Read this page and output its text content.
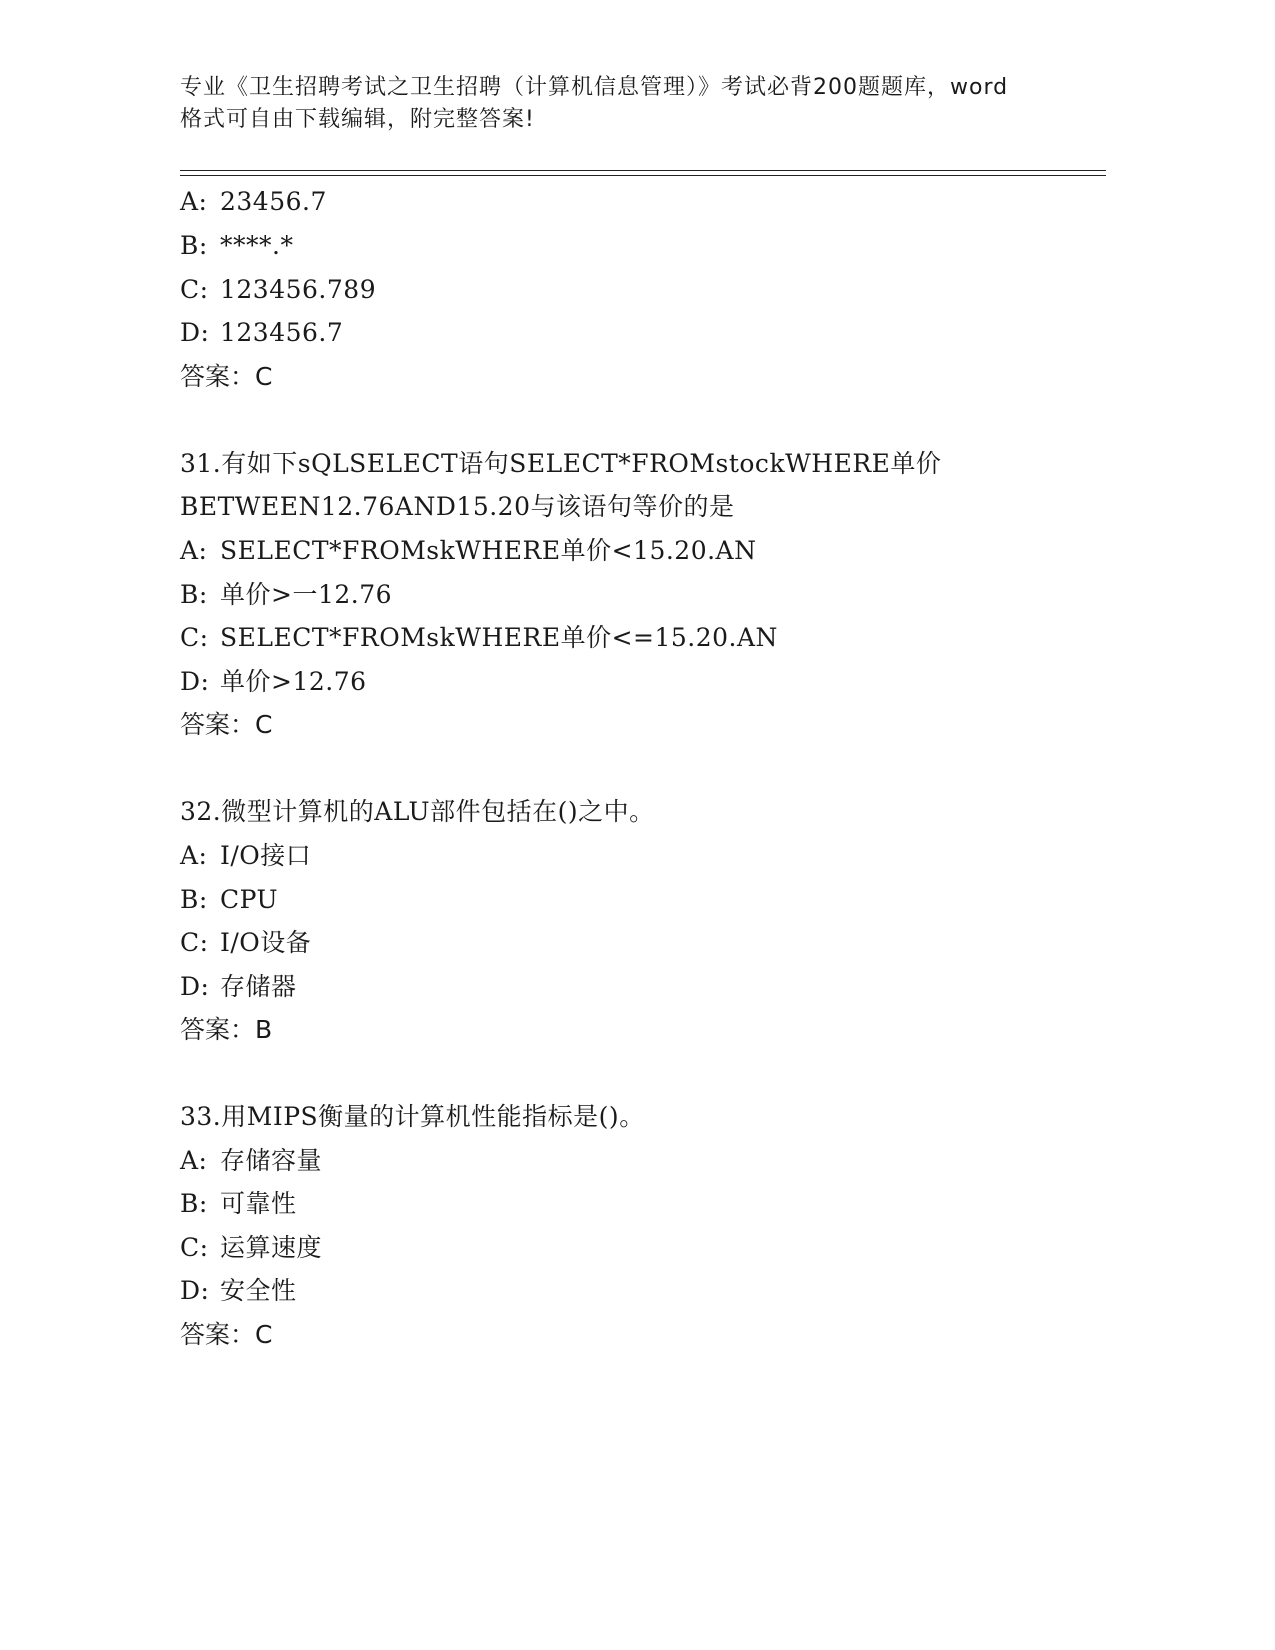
专业《卫生招聘考试之卫生招聘（计算机信息管理）》考试必背200题题库，word
格式可自由下载编辑，附完整答案!
A: 23456.7
B: ****.*
C: 123456.789
D: 123456.7
答案：C
31.有如下sQLSELECT语句SELECT*FROMstockWHERE单价
BETWEEN12.76AND15.20与该语句等价的是
A: SELECT*FROMskWHERE单价<15.20.AN
B: 单价>一12.76
C: SELECT*FROMskWHERE单价<=15.20.AN
D: 单价>12.76
答案：C
32.微型计算机的ALU部件包括在()之中。
A: I/O接口
B: CPU
C: I/O设备
D: 存储器
答案：B
33.用MIPS衡量的计算机性能指标是()。
A: 存储容量
B: 可靠性
C: 运算速度
D: 安全性
答案：C
